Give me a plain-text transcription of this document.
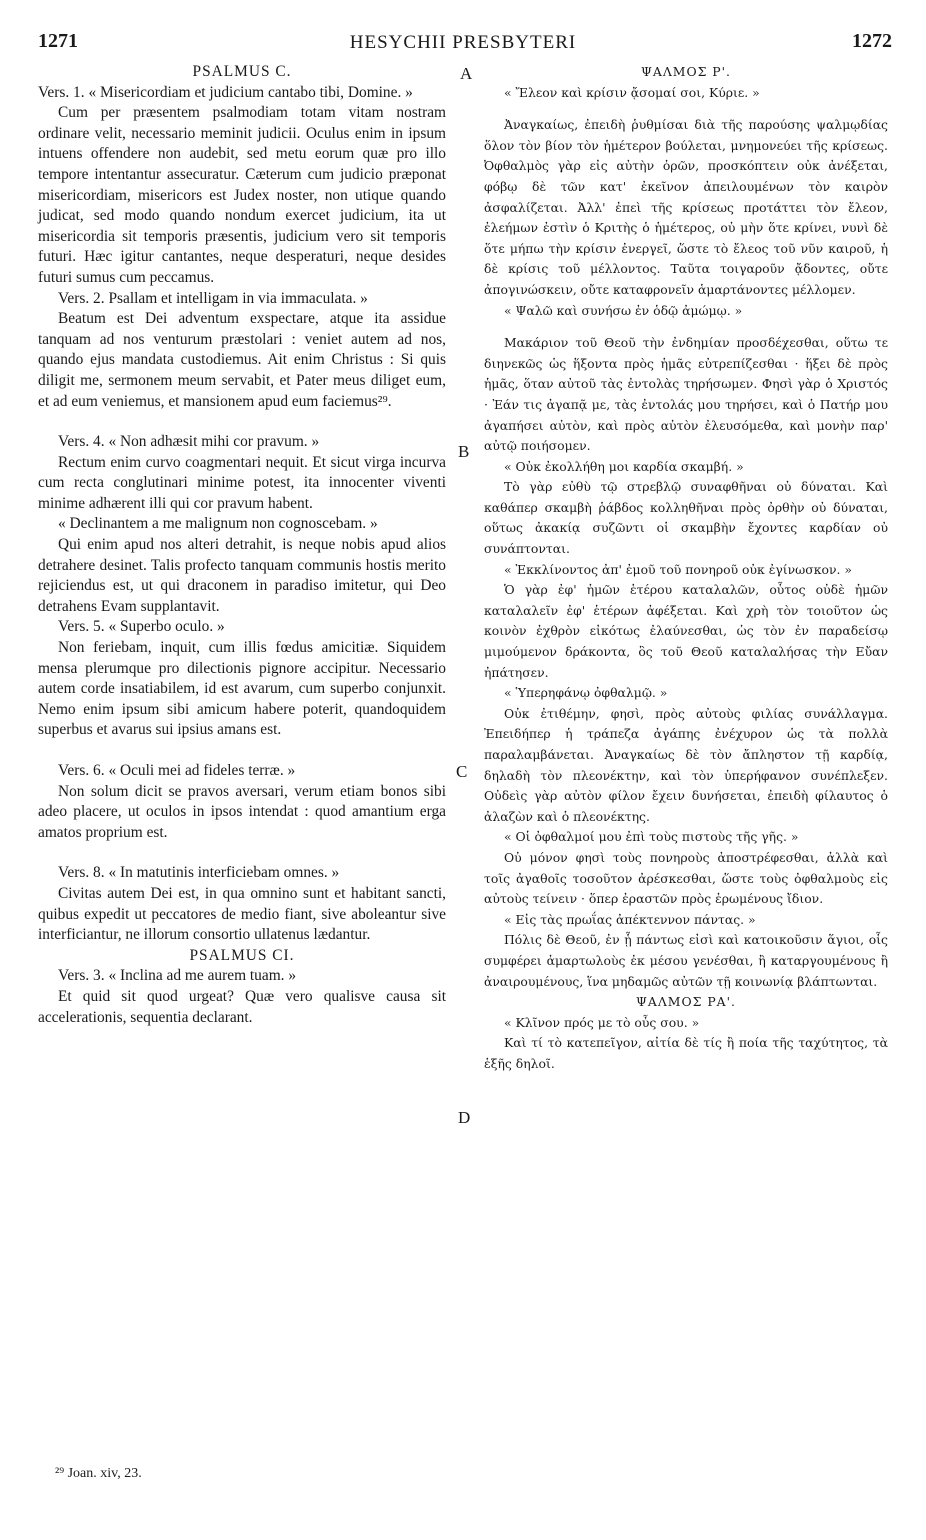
1271	HESYCHII PRESBYTERI	1272
A
B
C
D

PSALMUS C.

Vers. 1. « Misericordiam et judicium cantabo tibi, Domine. »

Cum per præsentem psalmodiam totam vitam nostram ordinare velit, necessario meminit judicii. Oculus enim in ipsum intuens offendere non audebit, sed metu eorum quæ pro illo tempore intentantur assecuratur. Cæterum cum judicio præponat misericordiam, misericors est Judex noster, non utique quando judicat, sed modo quando nondum exercet judicium, ita ut misericordia sit temporis præsentis, judicium vero sit temporis futuri. Hæc igitur cantantes, neque desperaturi, neque desides futuri sumus cum peccamus.

Vers. 2. Psallam et intelligam in via immaculata. »

Beatum est Dei adventum exspectare, atque ita assidue tanquam ad nos venturum præstolari : veniet autem ad nos, quando ejus mandata custodiemus. Ait enim Christus : Si quis diligit me, sermonem meum servabit, et Pater meus diliget eum, et ad eum veniemus, et mansionem apud eum faciemus²⁹.

Vers. 4. « Non adhæsit mihi cor pravum. »

Rectum enim curvo coagmentari nequit. Et sicut virga incurva cum recta conglutinari minime potest, ita innocenter viventi minime adhærent illi qui cor pravum habent.

« Declinantem a me malignum non cognoscebam. »

Qui enim apud nos alteri detrahit, is neque nobis apud alios detrahere desinet. Talis profecto tanquam communis hostis merito rejiciendus est, ut qui draconem in paradiso imitetur, qui Deo detrahens Evam supplantavit.

Vers. 5. « Superbo oculo. »

Non feriebam, inquit, cum illis fœdus amicitiæ. Siquidem mensa plerumque pro dilectionis pignore accipitur. Necessario autem corde insatiabilem, id est avarum, cum superbo conjunxit. Nemo enim ipsum sibi amicum habere poterit, quandoquidem superbus et avarus sui ipsius amans est.

Vers. 6. « Oculi mei ad fideles terræ. »

Non solum dicit se pravos aversari, verum etiam bonos sibi adeo placere, ut oculos in ipsos intendat : quod amantium erga amatos proprium est.

Vers. 8. « In matutinis interficiebam omnes. »

Civitas autem Dei est, in qua omnino sunt et habitant sancti, quibus expedit ut peccatores de medio fiant, sive aboleantur sive interficiantur, ne illorum consortio ullatenus lædantur.

PSALMUS CI.

Vers. 3. « Inclina ad me aurem tuam. »

Et quid sit quod urgeat? Quæ vero qualisve causa sit accelerationis, sequentia declarant.

ΨΑΛΜΟΣ Ρ'.

« Ἔλεον καὶ κρίσιν ᾄσομαί σοι, Κύριε. »

Ἀναγκαίως, ἐπειδὴ ῥυθμίσαι διὰ τῆς παρούσης ψαλμῳδίας ὅλον τὸν βίον τὸν ἡμέτερον βούλεται, μνημονεύει τῆς κρίσεως. Ὀφθαλμὸς γὰρ εἰς αὐτὴν ὁρῶν, προσκόπτειν οὐκ ἀνέξεται, φόβῳ δὲ τῶν κατ' ἐκεῖνον ἀπειλουμένων τὸν καιρὸν ἀσφαλίζεται. Ἀλλ' ἐπεὶ τῆς κρίσεως προτάττει τὸν ἔλεον, ἐλεήμων ἐστὶν ὁ Κριτὴς ὁ ἡμέτερος, οὐ μὴν ὅτε κρίνει, νυνὶ δὲ ὅτε μήπω τὴν κρίσιν ἐνεργεῖ, ὥστε τὸ ἔλεος τοῦ νῦν καιροῦ, ἡ δὲ κρίσις τοῦ μέλλοντος. Ταῦτα τοιγαροῦν ᾄδοντες, οὔτε ἀπογινώσκειν, οὔτε καταφρονεῖν ἁμαρτάνοντες μέλλομεν.

« Ψαλῶ καὶ συνήσω ἐν ὁδῷ ἀμώμῳ. »

Μακάριον τοῦ Θεοῦ τὴν ἐνδημίαν προσδέχεσθαι, οὕτω τε διηνεκῶς ὡς ἥξοντα πρὸς ἡμᾶς εὐτρεπίζεσθαι · ἥξει δὲ πρὸς ἡμᾶς, ὅταν αὐτοῦ τὰς ἐντολὰς τηρήσωμεν. Φησὶ γὰρ ὁ Χριστός · Ἐάν τις ἀγαπᾷ με, τὰς ἐντολάς μου τηρήσει, καὶ ὁ Πατήρ μου ἀγαπήσει αὐτὸν, καὶ πρὸς αὐτὸν ἐλευσόμεθα, καὶ μονὴν παρ' αὐτῷ ποιήσομεν.

« Οὐκ ἐκολλήθη μοι καρδία σκαμβή. »

Τὸ γὰρ εὐθὺ τῷ στρεβλῷ συναφθῆναι οὐ δύναται. Καὶ καθάπερ σκαμβὴ ῥάβδος κολληθῆναι πρὸς ὀρθὴν οὐ δύναται, οὕτως ἀκακίᾳ συζῶντι οἱ σκαμβὴν ἔχοντες καρδίαν οὐ συνάπτονται.

« Ἐκκλίνοντος ἀπ' ἐμοῦ τοῦ πονηροῦ οὐκ ἐγίνωσκον. »

Ὁ γὰρ ἐφ' ἡμῶν ἑτέρου καταλαλῶν, οὗτος οὐδὲ ἡμῶν καταλαλεῖν ἐφ' ἑτέρων ἀφέξεται. Καὶ χρὴ τὸν τοιοῦτον ὡς κοινὸν ἐχθρὸν εἰκότως ἐλαύνεσθαι, ὡς τὸν ἐν παραδείσῳ μιμούμενον δράκοντα, ὃς τοῦ Θεοῦ καταλαλήσας τὴν Εὔαν ἠπάτησεν.

« Ὑπερηφάνῳ ὀφθαλμῷ. »

Οὐκ ἐτιθέμην, φησὶ, πρὸς αὐτοὺς φιλίας συνάλλαγμα. Ἐπειδήπερ ἡ τράπεζα ἀγάπης ἐνέχυρον ὡς τὰ πολλὰ παραλαμβάνεται. Ἀναγκαίως δὲ τὸν ἄπληστον τῇ καρδίᾳ, δηλαδὴ τὸν πλεονέκτην, καὶ τὸν ὑπερήφανον συνέπλεξεν. Οὐδεὶς γὰρ αὐτὸν φίλον ἔχειν δυνήσεται, ἐπειδὴ φίλαυτος ὁ ἀλαζὼν καὶ ὁ πλεονέκτης.

« Οἱ ὀφθαλμοί μου ἐπὶ τοὺς πιστοὺς τῆς γῆς. »

Οὐ μόνον φησὶ τοὺς πονηροὺς ἀποστρέφεσθαι, ἀλλὰ καὶ τοῖς ἀγαθοῖς τοσοῦτον ἀρέσκεσθαι, ὥστε τοὺς ὀφθαλμοὺς εἰς αὐτοὺς τείνειν · ὅπερ ἐραστῶν πρὸς ἐρωμένους ἴδιον.

« Εἰς τὰς πρωΐας ἀπέκτεννον πάντας. »

Πόλις δὲ Θεοῦ, ἐν ᾗ πάντως εἰσὶ καὶ κατοικοῦσιν ἅγιοι, οἷς συμφέρει ἁμαρτωλοὺς ἐκ μέσου γενέσθαι, ἢ καταργουμένους ἢ ἀναιρουμένους, ἵνα μηδαμῶς αὐτῶν τῇ κοινωνίᾳ βλάπτωνται.

ΨΑΛΜΟΣ ΡΑ'.

« Κλῖνον πρός με τὸ οὖς σου. »

Καὶ τί τὸ κατεπεῖγον, αἰτία δὲ τίς ἢ ποία τῆς ταχύτητος, τὰ ἑξῆς δηλοῖ.

²⁹ Joan. xiv, 23.
